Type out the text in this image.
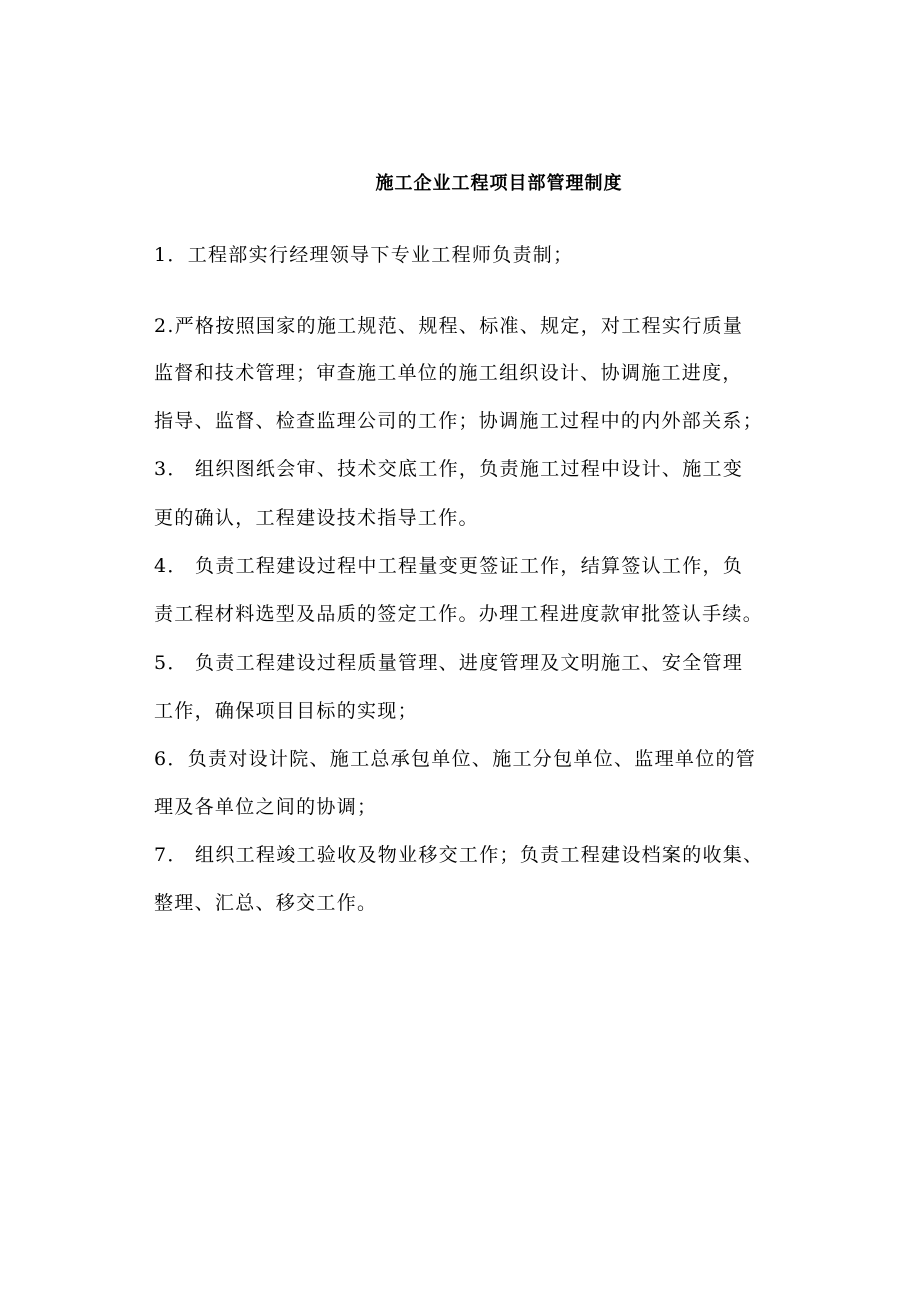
施工企业工程项目部管理制度
1．工程部实行经理领导下专业工程师负责制；
2.严格按照国家的施工规范、规程、标准、规定，对工程实行质量
监督和技术管理；审查施工单位的施工组织设计、协调施工进度，
指导、监督、检查监理公司的工作；协调施工过程中的内外部关系；
3． 组织图纸会审、技术交底工作，负责施工过程中设计、施工变
更的确认，工程建设技术指导工作。
4． 负责工程建设过程中工程量变更签证工作，结算签认工作，负
责工程材料选型及品质的签定工作。办理工程进度款审批签认手续。
5． 负责工程建设过程质量管理、进度管理及文明施工、安全管理
工作，确保项目目标的实现；
6．负责对设计院、施工总承包单位、施工分包单位、监理单位的管
理及各单位之间的协调；
7． 组织工程竣工验收及物业移交工作；负责工程建设档案的收集、
整理、汇总、移交工作。
